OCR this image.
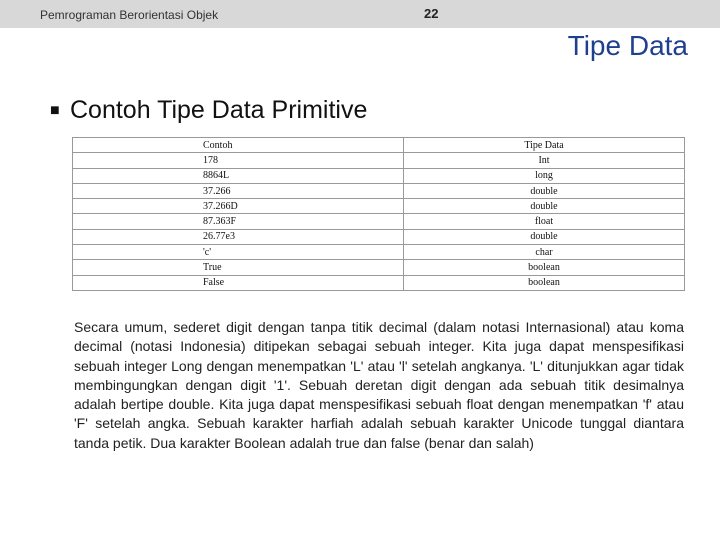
Pemrograman Berorientasi Objek	22
Tipe Data
■ Contoh Tipe Data Primitive
Contoh	Tipe Data
178	Int
8864L	long
37.266	double
37.266D	double
87.363F	float
26.77e3	double
'c'	char
True	boolean
False	boolean
Secara umum, sederet digit dengan tanpa titik decimal (dalam notasi Internasional) atau koma decimal (notasi Indonesia) ditipekan sebagai sebuah integer. Kita juga dapat menspesifikasi sebuah integer Long dengan menempatkan 'L' atau 'l' setelah angkanya. 'L' ditunjukkan agar tidak membingungkan dengan digit '1'. Sebuah deretan digit dengan ada sebuah titik desimalnya adalah bertipe double. Kita juga dapat menspesifikasi sebuah float dengan menempatkan 'f' atau 'F' setelah angka. Sebuah karakter harfiah adalah sebuah karakter Unicode tunggal diantara tanda petik. Dua karakter Boolean adalah true dan false (benar dan salah)
